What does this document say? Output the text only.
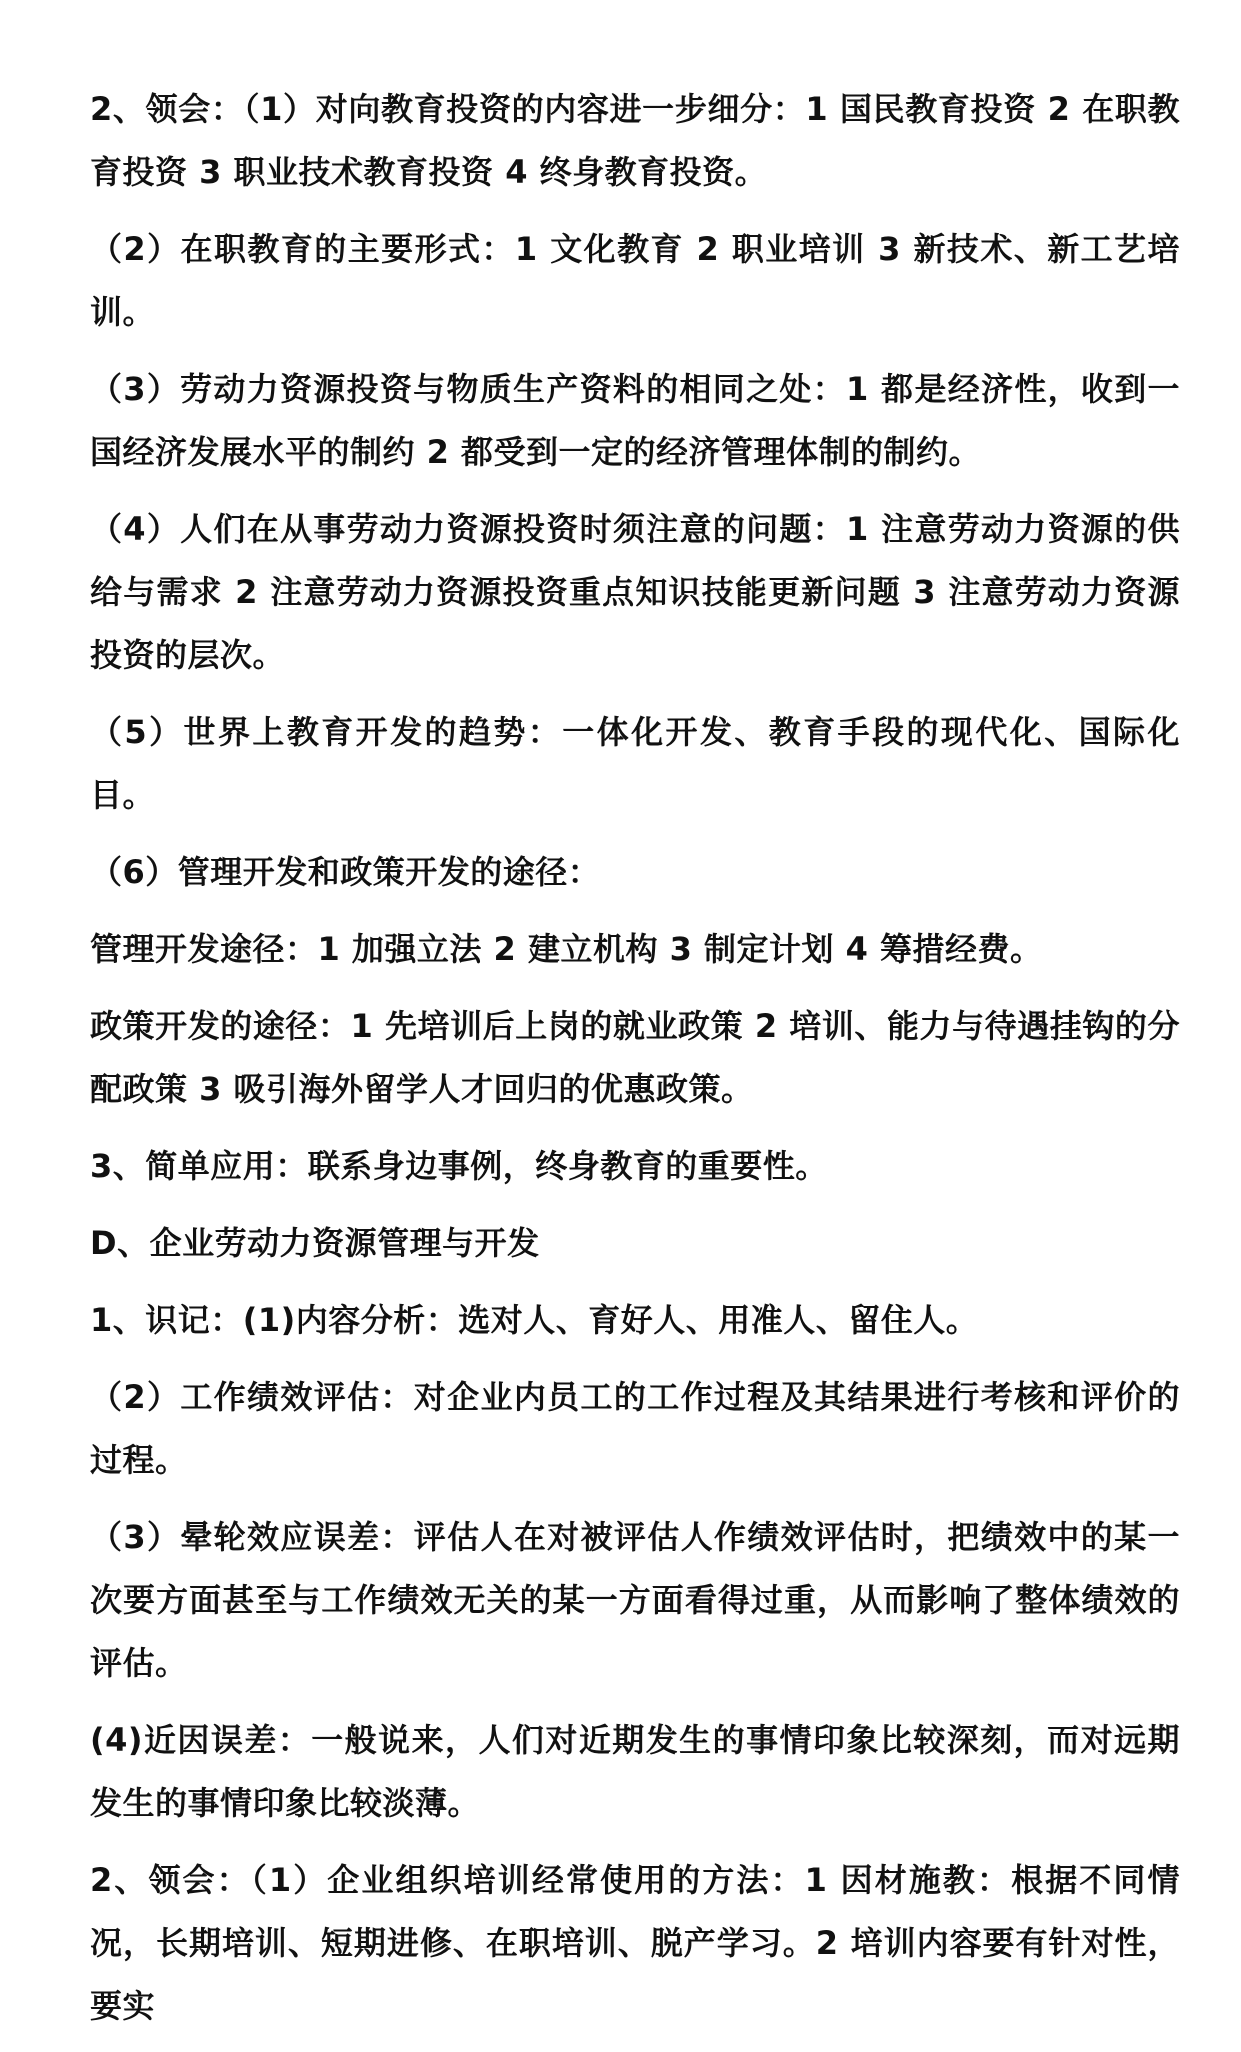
2、领会：（1）对向教育投资的内容进一步细分：1 国民教育投资 2 在职教育投资 3 职业技术教育投资 4 终身教育投资。

（2）在职教育的主要形式：1 文化教育 2 职业培训 3 新技术、新工艺培训。

（3）劳动力资源投资与物质生产资料的相同之处：1 都是经济性，收到一国经济发展水平的制约 2 都受到一定的经济管理体制的制约。

（4）人们在从事劳动力资源投资时须注意的问题：1 注意劳动力资源的供给与需求 2 注意劳动力资源投资重点知识技能更新问题 3 注意劳动力资源投资的层次。

（5）世界上教育开发的趋势：一体化开发、教育手段的现代化、国际化目。

（6）管理开发和政策开发的途径：

管理开发途径：1 加强立法 2 建立机构 3 制定计划 4 筹措经费。

政策开发的途径：1 先培训后上岗的就业政策 2 培训、能力与待遇挂钩的分配政策 3 吸引海外留学人才回归的优惠政策。

3、简单应用：联系身边事例，终身教育的重要性。

D、企业劳动力资源管理与开发

1、识记：(1)内容分析：选对人、育好人、用准人、留住人。

（2）工作绩效评估：对企业内员工的工作过程及其结果进行考核和评价的过程。

（3）晕轮效应误差：评估人在对被评估人作绩效评估时，把绩效中的某一次要方面甚至与工作绩效无关的某一方面看得过重，从而影响了整体绩效的评估。

(4)近因误差：一般说来，人们对近期发生的事情印象比较深刻，而对远期发生的事情印象比较淡薄。

2、领会：（1）企业组织培训经常使用的方法：1 因材施教：根据不同情况，长期培训、短期进修、在职培训、脱产学习。2 培训内容要有针对性，要实
